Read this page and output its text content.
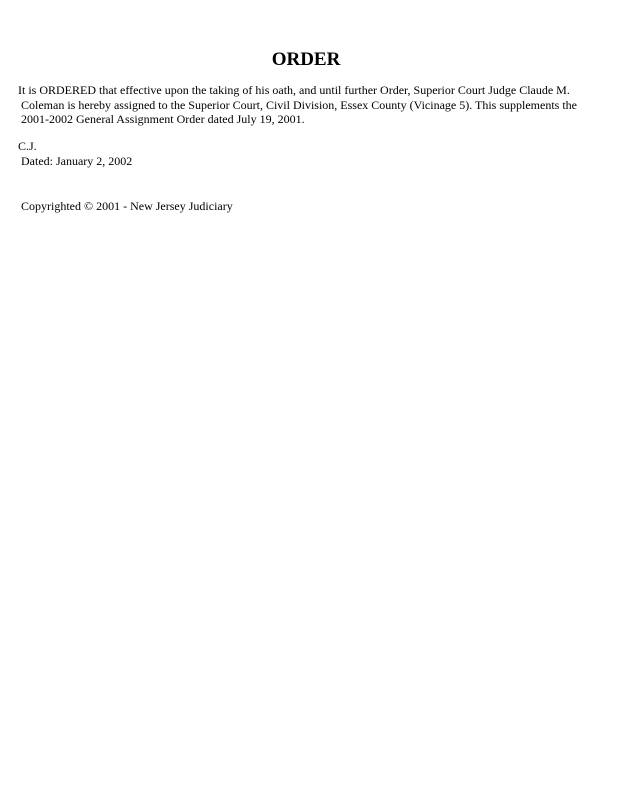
ORDER

It is ORDERED that effective upon the taking of his oath, and until further Order, Superior Court Judge Claude M.
Coleman is hereby assigned to the Superior Court, Civil Division, Essex County (Vicinage 5). This supplements the
2001-2002 General Assignment Order dated July 19, 2001.

C.J.
Dated: January 2, 2002

Copyrighted © 2001 - New Jersey Judiciary
